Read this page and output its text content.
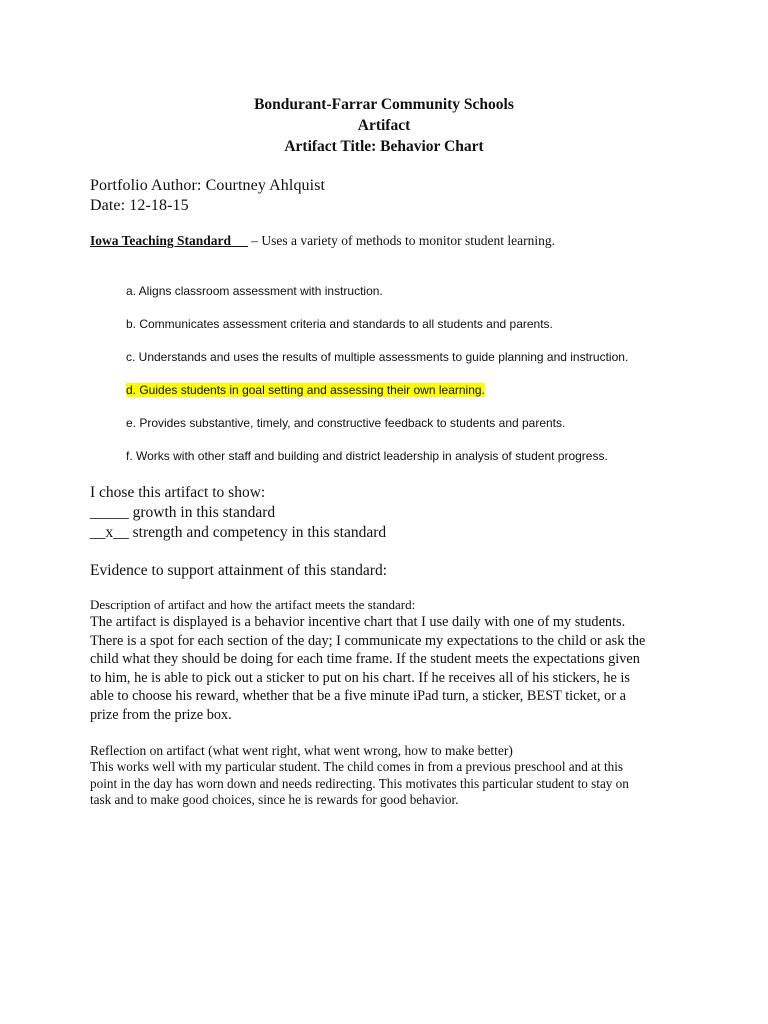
Bondurant-Farrar Community Schools
Artifact
Artifact Title: Behavior Chart
Portfolio Author: Courtney Ahlquist
Date: 12-18-15
Iowa Teaching Standard __ – Uses a variety of methods to monitor student learning.
a. Aligns classroom assessment with instruction.
b. Communicates assessment criteria and standards to all students and parents.
c. Understands and uses the results of multiple assessments to guide planning and instruction.
d. Guides students in goal setting and assessing their own learning.
e. Provides substantive, timely, and constructive feedback to students and parents.
f. Works with other staff and building and district leadership in analysis of student progress.
I chose this artifact to show:
_____ growth in this standard
__x__ strength and competency in this standard
Evidence to support attainment of this standard:
Description of artifact and how the artifact meets the standard:
The artifact is displayed is a behavior incentive chart that I use daily with one of my students.
There is a spot for each section of the day; I communicate my expectations to the child or ask the
child what they should be doing for each time frame. If the student meets the expectations given
to him, he is able to pick out a sticker to put on his chart. If he receives all of his stickers, he is
able to choose his reward, whether that be a five minute iPad turn, a sticker, BEST ticket, or a
prize from the prize box.
Reflection on artifact (what went right, what went wrong, how to make better)
This works well with my particular student. The child comes in from a previous preschool and at this
point in the day has worn down and needs redirecting. This motivates this particular student to stay on
task and to make good choices, since he is rewards for good behavior.
